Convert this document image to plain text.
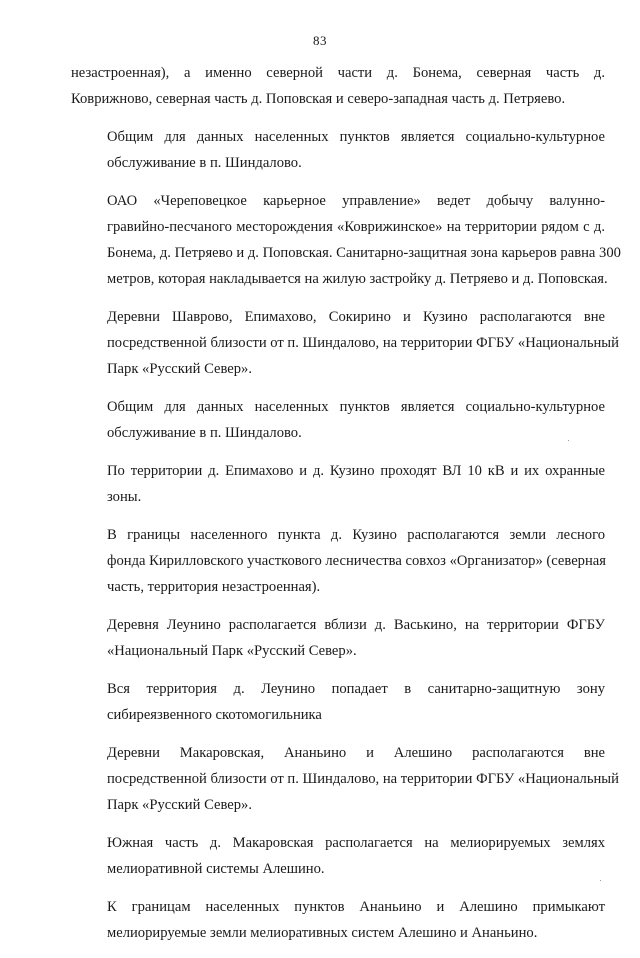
83

незастроенная), а именно северной части д. Бонема, северная часть д.
Коврижново, северная часть д. Поповская и северо-западная часть д. Петряево.

Общим для данных населенных пунктов является социально-культурное
обслуживание в п. Шиндалово.

ОАО «Череповецкое карьерное управление» ведет добычу валунно-
гравийно-песчаного месторождения «Коврижинское» на территории рядом с д.
Бонема, д. Петряево и д. Поповская. Санитарно-защитная зона карьеров равна 300
метров, которая накладывается на жилую застройку д. Петряево и д. Поповская.

Деревни Шаврово, Епимахово, Сокирино и Кузино располагаются вне
посредственной близости от п. Шиндалово, на территории ФГБУ «Национальный
Парк «Русский Север».

Общим для данных населенных пунктов является социально-культурное
обслуживание в п. Шиндалово.

По территории д. Епимахово и д. Кузино проходят ВЛ 10 кВ и их охранные
зоны.

В границы населенного пункта д. Кузино располагаются земли лесного
фонда Кирилловского участкового лесничества совхоз «Организатор» (северная
часть, территория незастроенная).

Деревня Леунино располагается вблизи д. Васькино, на территории ФГБУ
«Национальный Парк «Русский Север».

Вся территория д. Леунино попадает в санитарно-защитную зону
сибиреязвенного скотомогильника

Деревни Макаровская, Ананьино и Алешино располагаются вне
посредственной близости от п. Шиндалово, на территории ФГБУ «Национальный
Парк «Русский Север».

Южная часть д. Макаровская располагается на мелиорируемых землях
мелиоративной системы Алешино.

К границам населенных пунктов Ананьино и Алешино примыкают
мелиорируемые земли мелиоративных систем Алешино и Ананьино.
